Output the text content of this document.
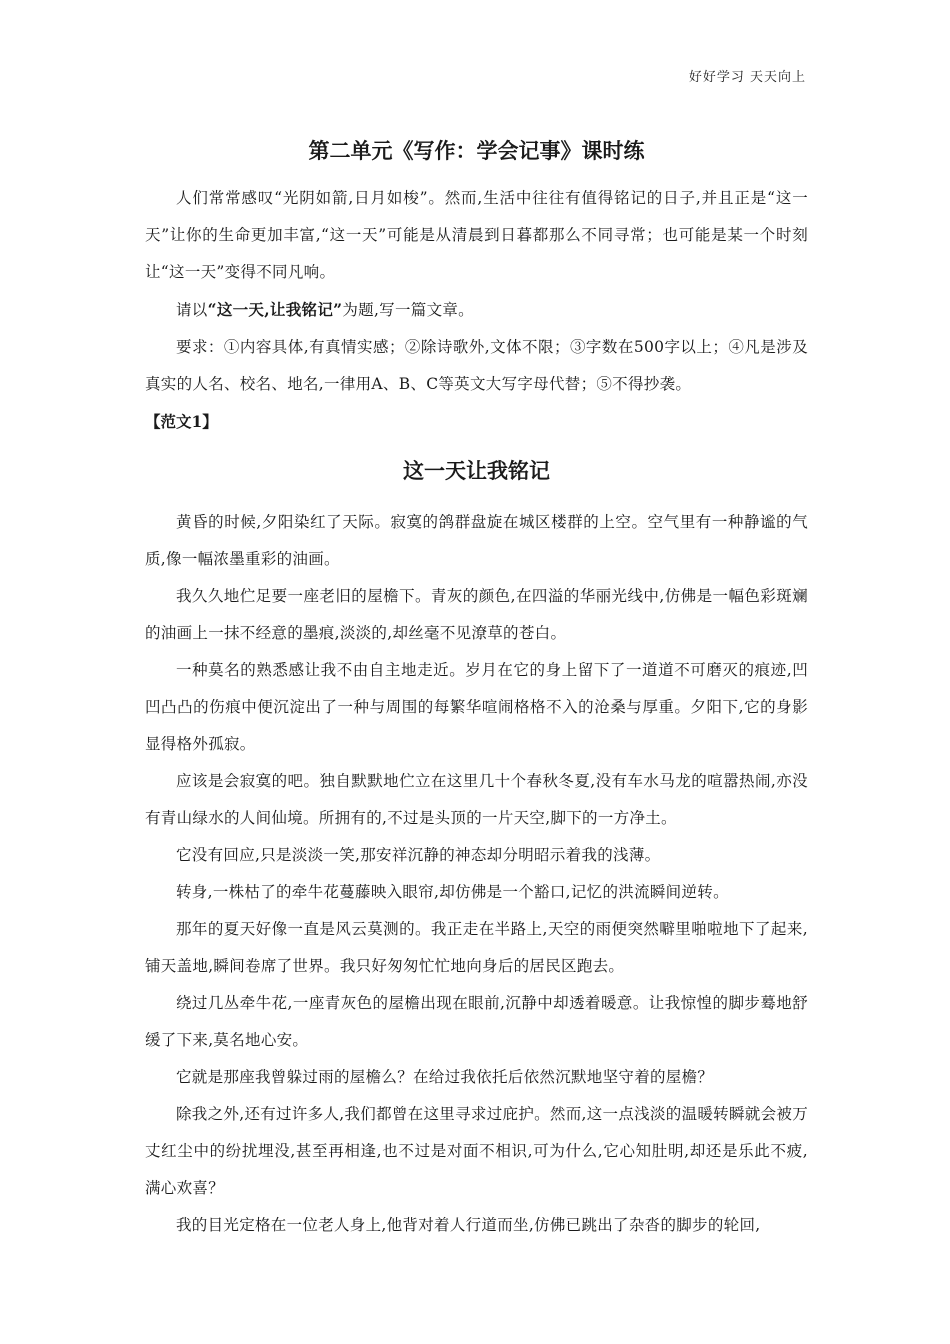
好好学习 天天向上
第二单元《写作：学会记事》课时练

人们常常感叹“光阴如箭,日月如梭”。然而,生活中往往有值得铭记的日子,并且正是“这一天”让你的生命更加丰富,“这一天”可能是从清晨到日暮都那么不同寻常；也可能是某一个时刻让“这一天”变得不同凡响。

请以“这一天,让我铭记”为题,写一篇文章。

要求：①内容具体,有真情实感；②除诗歌外,文体不限；③字数在500字以上；④凡是涉及真实的人名、校名、地名,一律用A、B、C等英文大写字母代替；⑤不得抄袭。

【范文1】
这一天让我铭记

黄昏的时候,夕阳染红了天际。寂寞的鸽群盘旋在城区楼群的上空。空气里有一种静谧的气质,像一幅浓墨重彩的油画。

我久久地伫足要一座老旧的屋檐下。青灰的颜色,在四溢的华丽光线中,仿佛是一幅色彩斑斓的油画上一抹不经意的墨痕,淡淡的,却丝毫不见潦草的苍白。

一种莫名的熟悉感让我不由自主地走近。岁月在它的身上留下了一道道不可磨灭的痕迹,凹凹凸凸的伤痕中便沉淀出了一种与周围的每繁华喧闹格格不入的沧桑与厚重。夕阳下,它的身影显得格外孤寂。

应该是会寂寞的吧。独自默默地伫立在这里几十个春秋冬夏,没有车水马龙的喧嚣热闹,亦没有青山绿水的人间仙境。所拥有的,不过是头顶的一片天空,脚下的一方净土。

它没有回应,只是淡淡一笑,那安祥沉静的神态却分明昭示着我的浅薄。

转身,一株枯了的牵牛花蔓藤映入眼帘,却仿佛是一个豁口,记忆的洪流瞬间逆转。

那年的夏天好像一直是风云莫测的。我正走在半路上,天空的雨便突然噼里啪啦地下了起来,铺天盖地,瞬间卷席了世界。我只好匆匆忙忙地向身后的居民区跑去。

绕过几丛牵牛花,一座青灰色的屋檐出现在眼前,沉静中却透着暖意。让我惊惶的脚步蓦地舒缓了下来,莫名地心安。

它就是那座我曾躲过雨的屋檐么？在给过我依托后依然沉默地坚守着的屋檐？

除我之外,还有过许多人,我们都曾在这里寻求过庇护。然而,这一点浅淡的温暖转瞬就会被万丈红尘中的纷扰埋没,甚至再相逢,也不过是对面不相识,可为什么,它心知肚明,却还是乐此不疲,满心欢喜？

我的目光定格在一位老人身上,他背对着人行道而坐,仿佛已跳出了杂沓的脚步的轮回,
